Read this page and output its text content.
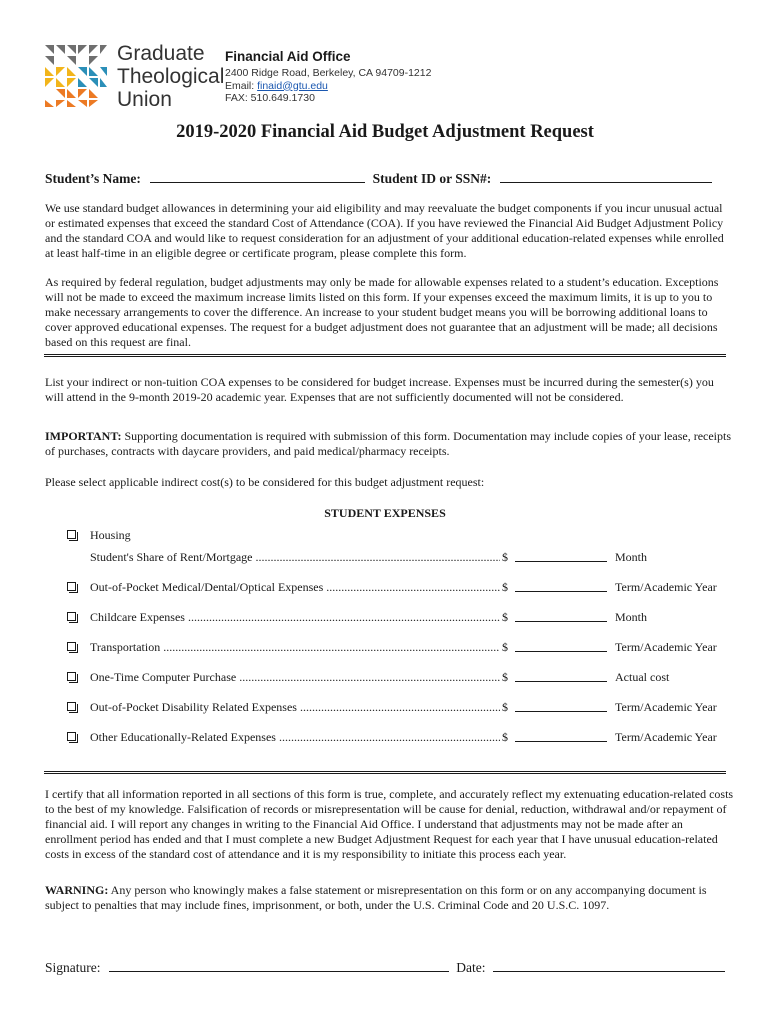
Graduate
Theological
Union
Financial Aid Office
2400 Ridge Road, Berkeley, CA 94709-1212
Email: finaid@gtu.edu
FAX: 510.649.1730
2019-2020 Financial Aid Budget Adjustment Request
Student’s Name:	Student ID or SSN#:
We use standard budget allowances in determining your aid eligibility and may reevaluate the budget components if you incur unusual actual or estimated expenses that exceed the standard Cost of Attendance (COA). If you have reviewed the Financial Aid Budget Adjustment Policy and the standard COA and would like to request consideration for an adjustment of your additional education-related expenses while enrolled at least half-time in an eligible degree or certificate program, please complete this form.
As required by federal regulation, budget adjustments may only be made for allowable expenses related to a student’s education. Exceptions will not be made to exceed the maximum increase limits listed on this form. If your expenses exceed the maximum limits, it is up to you to make necessary arrangements to cover the difference. An increase to your student budget means you will be borrowing additional loans to cover approved educational expenses. The request for a budget adjustment does not guarantee that an adjustment will be made; all decisions based on this request are final.
List your indirect or non-tuition COA expenses to be considered for budget increase. Expenses must be incurred during the semester(s) you will attend in the 9-month 2019-20 academic year. Expenses that are not sufficiently documented will not be considered.
IMPORTANT: Supporting documentation is required with submission of this form. Documentation may include copies of your lease, receipts of purchases, contracts with daycare providers, and paid medical/pharmacy receipts.
Please select applicable indirect cost(s) to be considered for this budget adjustment request:
STUDENT EXPENSES
Housing
Student's Share of Rent/Mortgage .....	$	Month
Out-of-Pocket Medical/Dental/Optical Expenses .....	$	Term/Academic Year
Childcare Expenses .....	$	Month
Transportation .....	$	Term/Academic Year
One-Time Computer Purchase .....	$	Actual cost
Out-of-Pocket Disability Related Expenses .....	$	Term/Academic Year
Other Educationally-Related Expenses .....	$	Term/Academic Year
I certify that all information reported in all sections of this form is true, complete, and accurately reflect my extenuating education-related costs to the best of my knowledge. Falsification of records or misrepresentation will be cause for denial, reduction, withdrawal and/or repayment of financial aid. I will report any changes in writing to the Financial Aid Office. I understand that adjustments may not be made after an enrollment period has ended and that I must complete a new Budget Adjustment Request for each year that I have unusual education-related costs in excess of the standard cost of attendance and it is my responsibility to initiate this process each year.
WARNING: Any person who knowingly makes a false statement or misrepresentation on this form or on any accompanying document is subject to penalties that may include fines, imprisonment, or both, under the U.S. Criminal Code and 20 U.S.C. 1097.
Signature:	Date:
